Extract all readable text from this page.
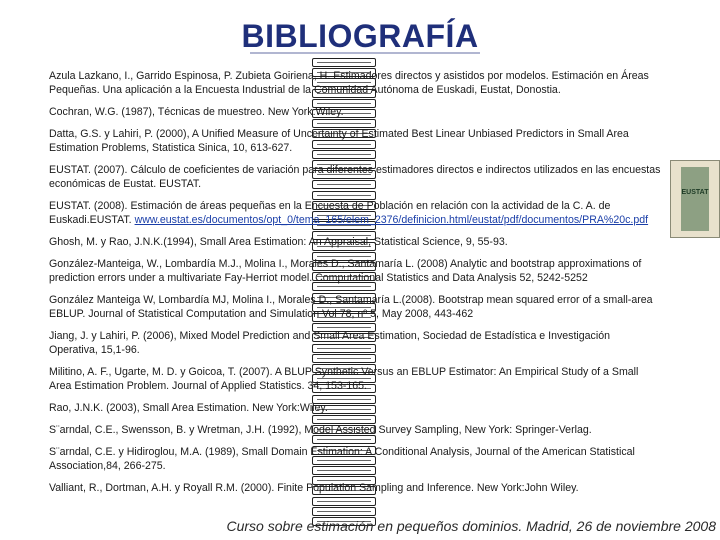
BIBLIOGRAFÍA
EUSTAT

Azula Lazkano, I., Garrido Espinosa, P. Zubieta Goiriena, H. Estimadores directos y asistidos por modelos. Estimación en Áreas Pequeñas. Una aplicación a la Encuesta Industrial de la Comunidad Autónoma de Euskadi, Eustat, Donostia.

Cochran, W.G. (1987), Técnicas de muestreo. New York:Wiley.

Datta, G.S. y Lahiri, P. (2000), A Unified Measure of Uncertainty of Estimated Best Linear Unbiased Predictors in Small Area Estimation Problems, Statistica Sinica, 10, 613-627.

EUSTAT. (2007). Cálculo de coeficientes de variación para diferentes estimadores directos e indirectos utilizados en las encuestas económicas de Eustat. EUSTAT.

EUSTAT. (2008). Estimación de áreas pequeñas en la Encuesta de Población en relación con la actividad de la C. A. de Euskadi.EUSTAT. www.eustat.es/documentos/opt_0/tema_165/elem_2376/definicion.html/eustat/pdf/documentos/PRA%20c.pdf

Ghosh, M. y Rao, J.N.K.(1994), Small Area Estimation: An Appraisal, Statistical Science, 9, 55-93.

González-Manteiga, W., Lombardía M.J., Molina I., Morales D., Santamaría L. (2008) Analytic and bootstrap approximations of prediction errors under a multivariate Fay-Herriot model. Computational Statistics and Data Analysis 52, 5242-5252

González Manteiga W, Lombardía MJ, Molina I., Morales D., Santamaría L.(2008). Bootstrap mean squared error of a small-area EBLUP. Journal of Statistical Computation and Simulation Vol 78, nº 5, May 2008, 443-462

Jiang, J. y Lahiri, P. (2006), Mixed Model Prediction and Small Area Estimation, Sociedad de Estadística e Investigación Operativa, 15,1-96.

Militino, A. F., Ugarte, M. D. y Goicoa, T. (2007). A BLUP Synthetic Versus an EBLUP Estimator: An Empirical Study of a Small Area Estimation Problem. Journal of Applied Statistics. 34, 153-165.

Rao, J.N.K. (2003), Small Area Estimation. New York:Wiley.

S¨arndal, C.E., Swensson, B. y Wretman, J.H. (1992), Model Assisted Survey Sampling, New York: Springer-Verlag.

S¨arndal, C.E. y Hidiroglou, M.A. (1989), Small Domain Estimation: A Conditional Analysis, Journal of the American Statistical Association,84, 266-275.

Valliant, R., Dortman, A.H. y Royall R.M. (2000). Finite Population Sampling and Inference. New York:John Wiley.

Curso sobre estimación en pequeños dominios. Madrid, 26 de noviembre 2008
